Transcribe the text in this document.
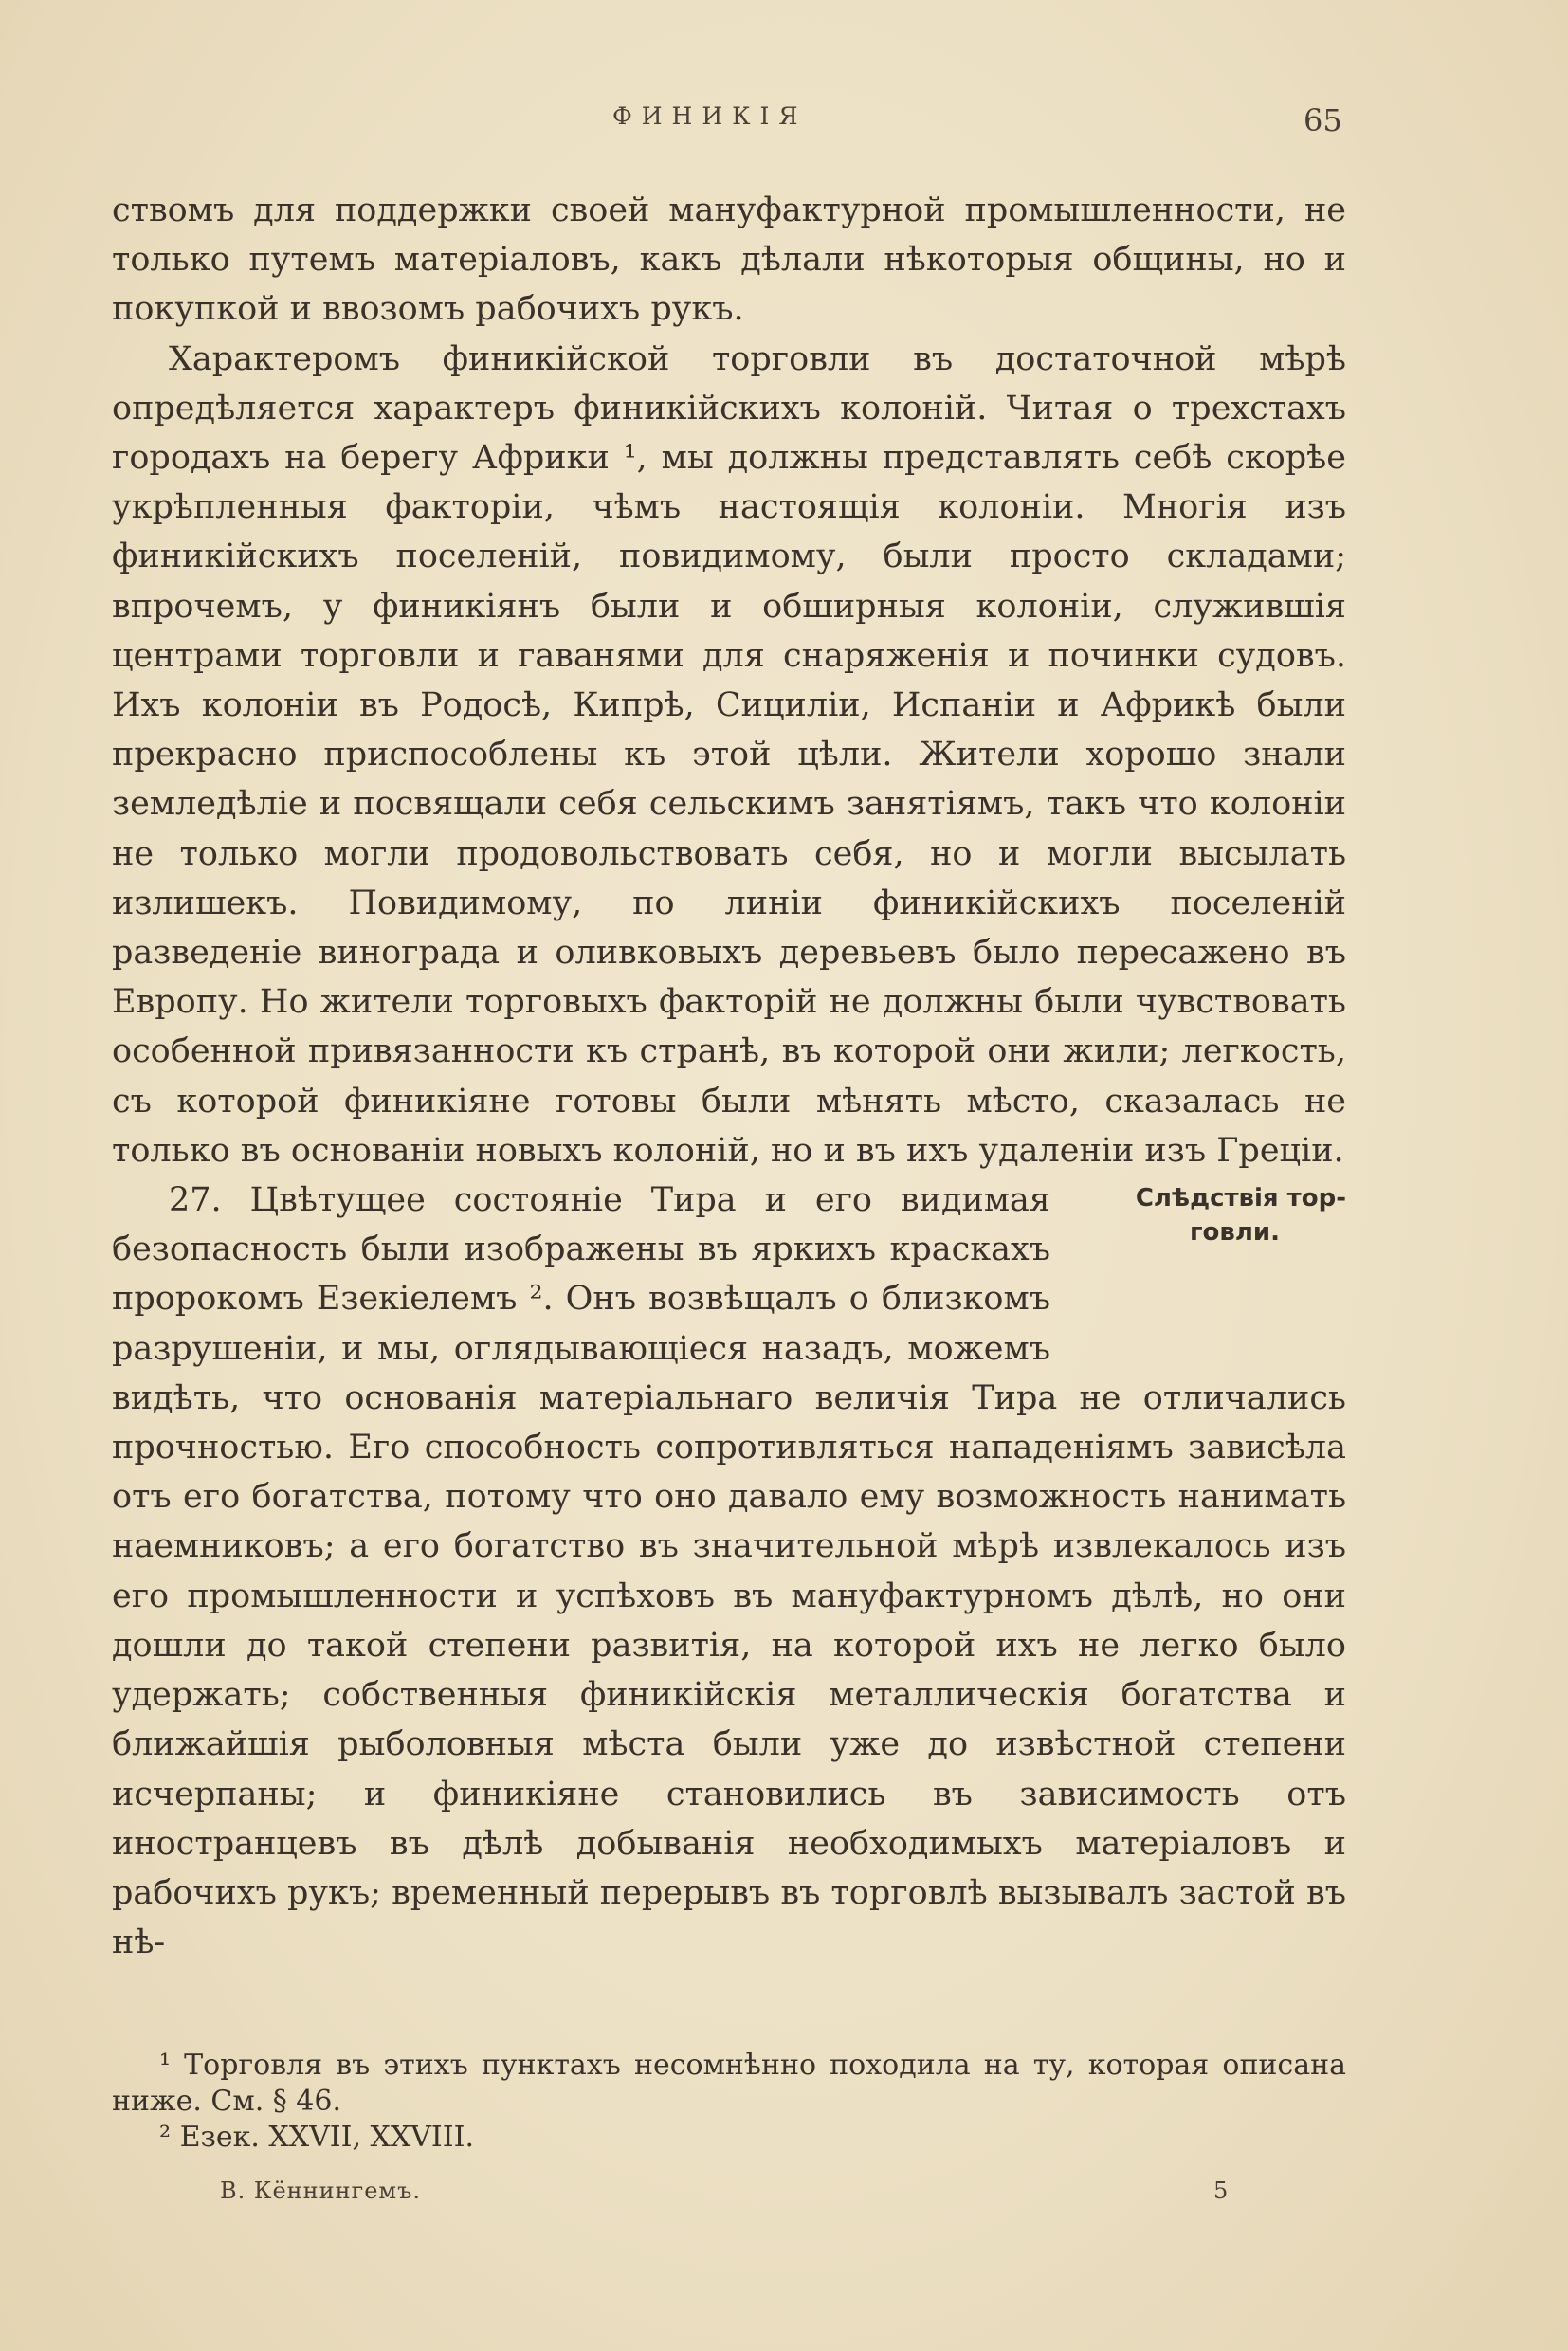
ФИНИКІЯ	65

ствомъ для поддержки своей мануфактурной промышленности, не только путемъ матеріаловъ, какъ дѣлали нѣкоторыя общины, но и покупкой и ввозомъ рабочихъ рукъ.

Характеромъ финикійской торговли въ достаточной мѣрѣ опредѣляется характеръ финикійскихъ колоній. Читая о трехстахъ городахъ на берегу Африки ¹, мы должны представлять себѣ скорѣе укрѣпленныя факторіи, чѣмъ настоящія колоніи. Многія изъ финикійскихъ поселеній, повидимому, были просто складами; впрочемъ, у финикіянъ были и обширныя колоніи, служившія центрами торговли и гаванями для снаряженія и починки судовъ. Ихъ колоніи въ Родосѣ, Кипрѣ, Сициліи, Испаніи и Африкѣ были прекрасно приспособлены къ этой цѣли. Жители хорошо знали земледѣліе и посвящали себя сельскимъ занятіямъ, такъ что колоніи не только могли продовольствовать себя, но и могли высылать излишекъ. Повидимому, по линіи финикійскихъ поселеній разведеніе винограда и оливковыхъ деревьевъ было пересажено въ Европу. Но жители торговыхъ факторій не должны были чувствовать особенной привязанности къ странѣ, въ которой они жили; легкость, съ которой финикіяне готовы были мѣнять мѣсто, сказалась не только въ основаніи новыхъ колоній, но и въ ихъ удаленіи изъ Греціи.

Слѣдствія тор-
говли.

27. Цвѣтущее состояніе Тира и его видимая безопасность были изображены въ яркихъ краскахъ пророкомъ Езекіелемъ ². Онъ возвѣщалъ о близкомъ разрушеніи, и мы, оглядывающіеся назадъ, можемъ видѣть, что основанія матеріальнаго величія Тира не отличались прочностью. Его способность сопротивляться нападеніямъ зависѣла отъ его богатства, потому что оно давало ему возможность нанимать наемниковъ; а его богатство въ значительной мѣрѣ извлекалось изъ его промышленности и успѣховъ въ мануфактурномъ дѣлѣ, но они дошли до такой степени развитія, на которой ихъ не легко было удержать; собственныя финикійскія металлическія богатства и ближайшія рыболовныя мѣста были уже до извѣстной степени исчерпаны; и финикіяне становились въ зависимость отъ иностранцевъ въ дѣлѣ добыванія необходимыхъ матеріаловъ и рабочихъ рукъ; временный перерывъ въ торговлѣ вызывалъ застой въ нѣ-

¹ Торговля въ этихъ пунктахъ несомнѣнно походила на ту, которая описана ниже. См. § 46.

² Езек. XXVII, XXVIII.

В. Кённингемъ.	5
